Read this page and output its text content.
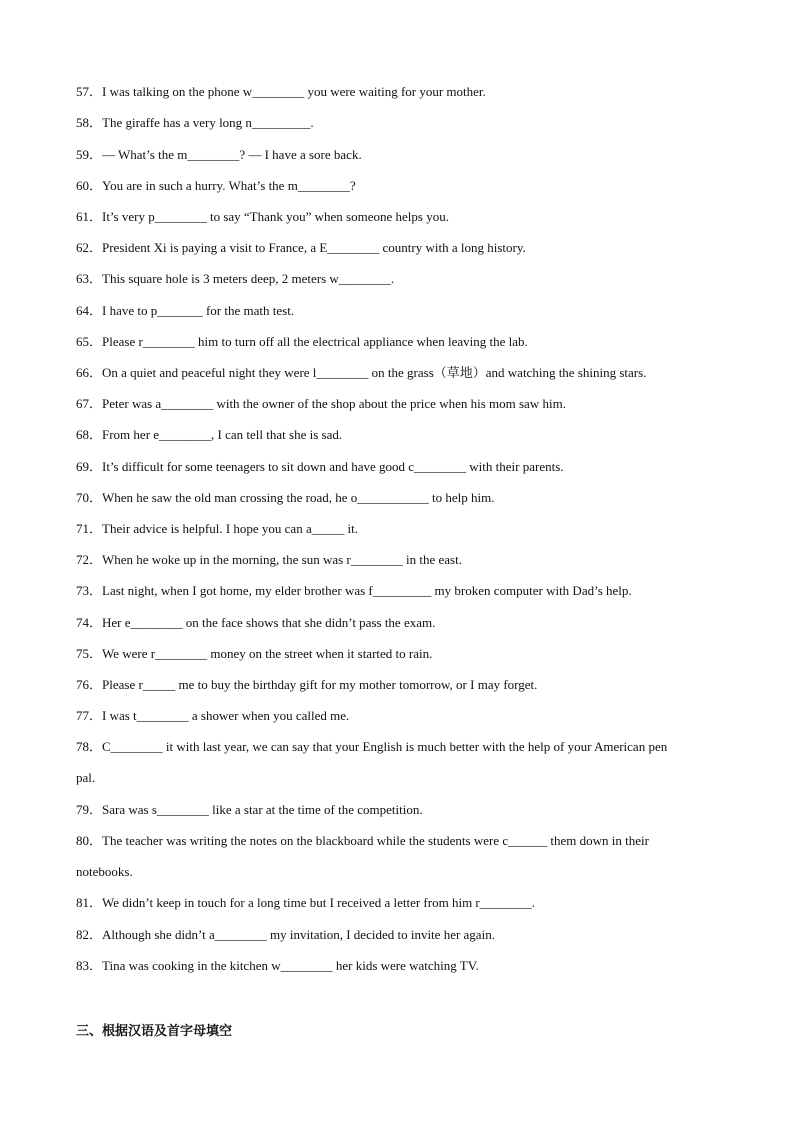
57．I was talking on the phone w________ you were waiting for your mother.
58．The giraffe has a very long n_________.
59．— What’s the m________? — I have a sore back.
60．You are in such a hurry. What’s the m________?
61．It’s very p________ to say “Thank you” when someone helps you.
62．President Xi is paying a visit to France, a E________ country with a long history.
63．This square hole is 3 meters deep, 2 meters w________.
64．I have to p_______ for the math test.
65．Please r________ him to turn off all the electrical appliance when leaving the lab.
66．On a quiet and peaceful night they were l________ on the grass（草地）and watching the shining stars.
67．Peter was a________ with the owner of the shop about the price when his mom saw him.
68．From her e________, I can tell that she is sad.
69．It’s difficult for some teenagers to sit down and have good c________ with their parents.
70．When he saw the old man crossing the road, he o___________ to help him.
71．Their advice is helpful. I hope you can a_____ it.
72．When he woke up in the morning, the sun was r________ in the east.
73．Last night, when I got home, my elder brother was f_________ my broken computer with Dad’s help.
74．Her e________ on the face shows that she didn’t pass the exam.
75．We were r________ money on the street when it started to rain.
76．Please r_____ me to buy the birthday gift for my mother tomorrow, or I may forget.
77．I was t________ a shower when you called me.
78．C________ it with last year, we can say that your English is much better with the help of your American pen
pal.
79．Sara was s________ like a star at the time of the competition.
80．The teacher was writing the notes on the blackboard while the students were c______ them down in their
notebooks.
81．We didn’t keep in touch for a long time but I received a letter from him r________.
82．Although she didn’t a________ my invitation, I decided to invite her again.
83．Tina was cooking in the kitchen w________ her kids were watching TV.
三、根据汉语及首字母填空
